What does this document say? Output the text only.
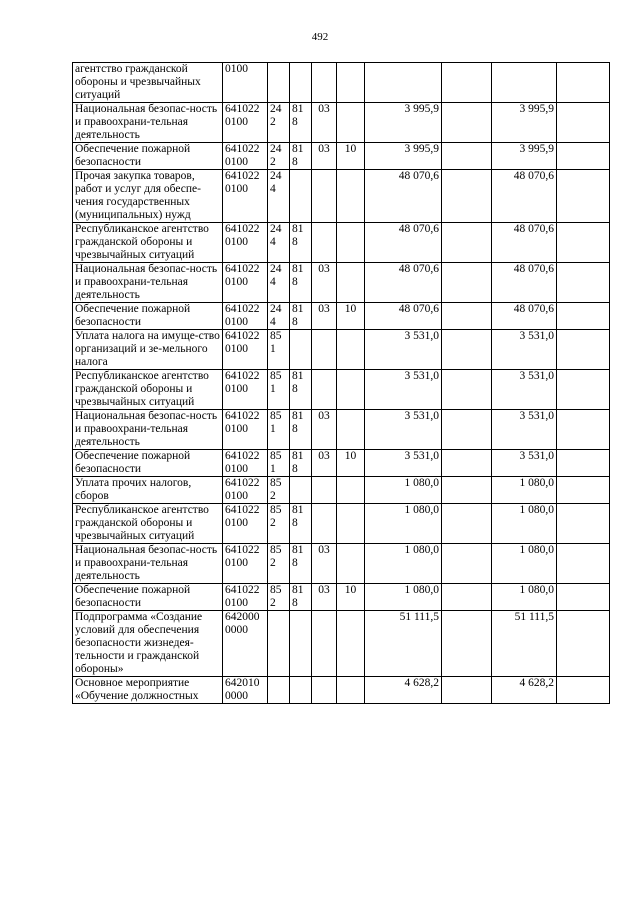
492
агентство гражданской обороны и чрезвычайных ситуаций	0100								
Национальная безопас-ность и правоохрани-тельная деятельность	641022 0100	242	818	03		3 995,9		3 995,9	
Обеспечение пожарной безопасности	641022 0100	242	818	03	10	3 995,9		3 995,9	
Прочая закупка товаров, работ и услуг для обеспе-чения государственных (муниципальных) нужд	641022 0100	244				48 070,6		48 070,6	
Республиканское агентство гражданской обороны и чрезвычайных ситуаций	641022 0100	244	818			48 070,6		48 070,6	
Национальная безопас-ность и правоохрани-тельная деятельность	641022 0100	244	818	03		48 070,6		48 070,6	
Обеспечение пожарной безопасности	641022 0100	244	818	03	10	48 070,6		48 070,6	
Уплата налога на имуще-ство организаций и зе-мельного налога	641022 0100	851				3 531,0		3 531,0	
Республиканское агентство гражданской обороны и чрезвычайных ситуаций	641022 0100	851	818			3 531,0		3 531,0	
Национальная безопас-ность и правоохрани-тельная деятельность	641022 0100	851	818	03		3 531,0		3 531,0	
Обеспечение пожарной безопасности	641022 0100	851	818	03	10	3 531,0		3 531,0	
Уплата прочих налогов, сборов	641022 0100	852				1 080,0		1 080,0	
Республиканское агентство гражданской обороны и чрезвычайных ситуаций	641022 0100	852	818			1 080,0		1 080,0	
Национальная безопас-ность и правоохрани-тельная деятельность	641022 0100	852	818	03		1 080,0		1 080,0	
Обеспечение пожарной безопасности	641022 0100	852	818	03	10	1 080,0		1 080,0	
Подпрограмма «Создание условий для обеспечения безопасности жизнедея-тельности и гражданской обороны»	642000 0000					51 111,5		51 111,5	
Основное мероприятие «Обучение должностных	642010 0000					4 628,2		4 628,2	
